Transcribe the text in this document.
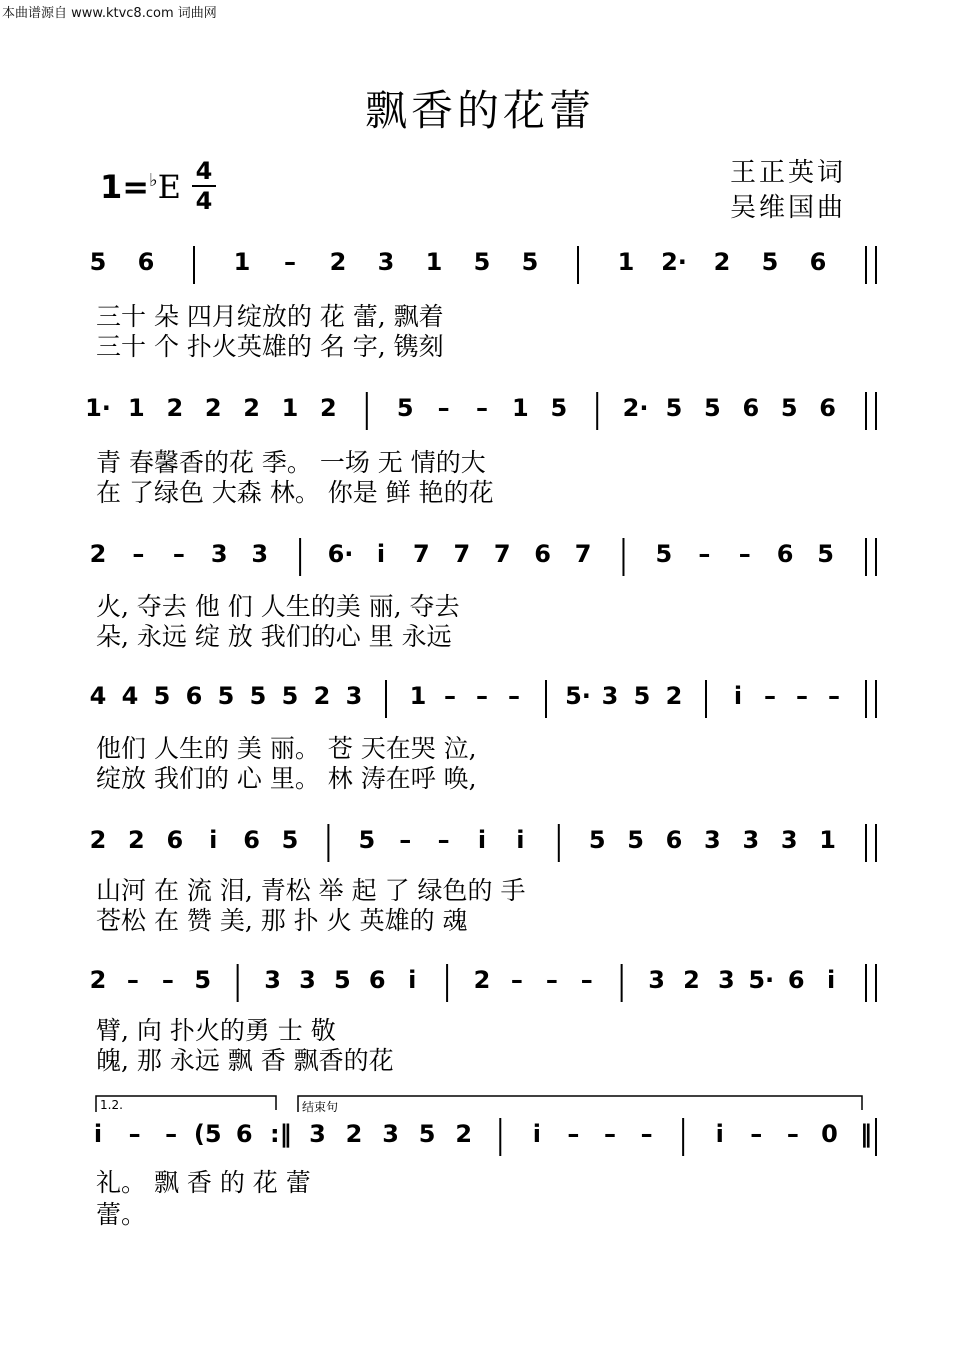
本曲谱源自 www.ktvc8.com 词曲网
飘香的花蕾
1=♭E 4
4
王正英词
吴维国曲
5 6	1 – 2 3 1 5 5	1 2· 2 5 6
1· 1 2 2 2 1 2	5 – – 1 5 2· 5 5 6 5 6
2 – – 3 3 6· i 7 7 7 6 7	5 – – 6 5
4 4 5 6 5 5 5 2 3 1 – – – 5· 3 5 2 i – – –
2 2 6 i 6 5	5 – – i i	5 5 6 3 3 3 1
2 – – 5 3 3 5 6 i 2 – – – 3 2 3 5· 6 i
i – – (5 6 :‖ 3 2 3 5 2	i – – –	i – – 0 ‖
三十 朵 四月绽放的 花 蕾, 飘着
三十 个 扑火英雄的 名 字, 镌刻
青 春馨香的花 季。 一场 无 情的大
在 了绿色 大森 林。 你是 鲜 艳的花
火, 夺去 他 们 人生的美 丽, 夺去
朵, 永远 绽 放 我们的心 里 永远
他们 人生的 美 丽。 苍 天在哭 泣,
绽放 我们的 心 里。 林 涛在呼 唤,
山河 在 流 泪, 青松 举 起 了 绿色的 手
苍松 在 赞 美, 那 扑 火 英雄的 魂
臂, 向 扑火的勇 士 敬
魄, 那 永远 飘 香 飘香的花
礼。 飘 香 的 花 蕾
蕾。
1.2.	结束句
